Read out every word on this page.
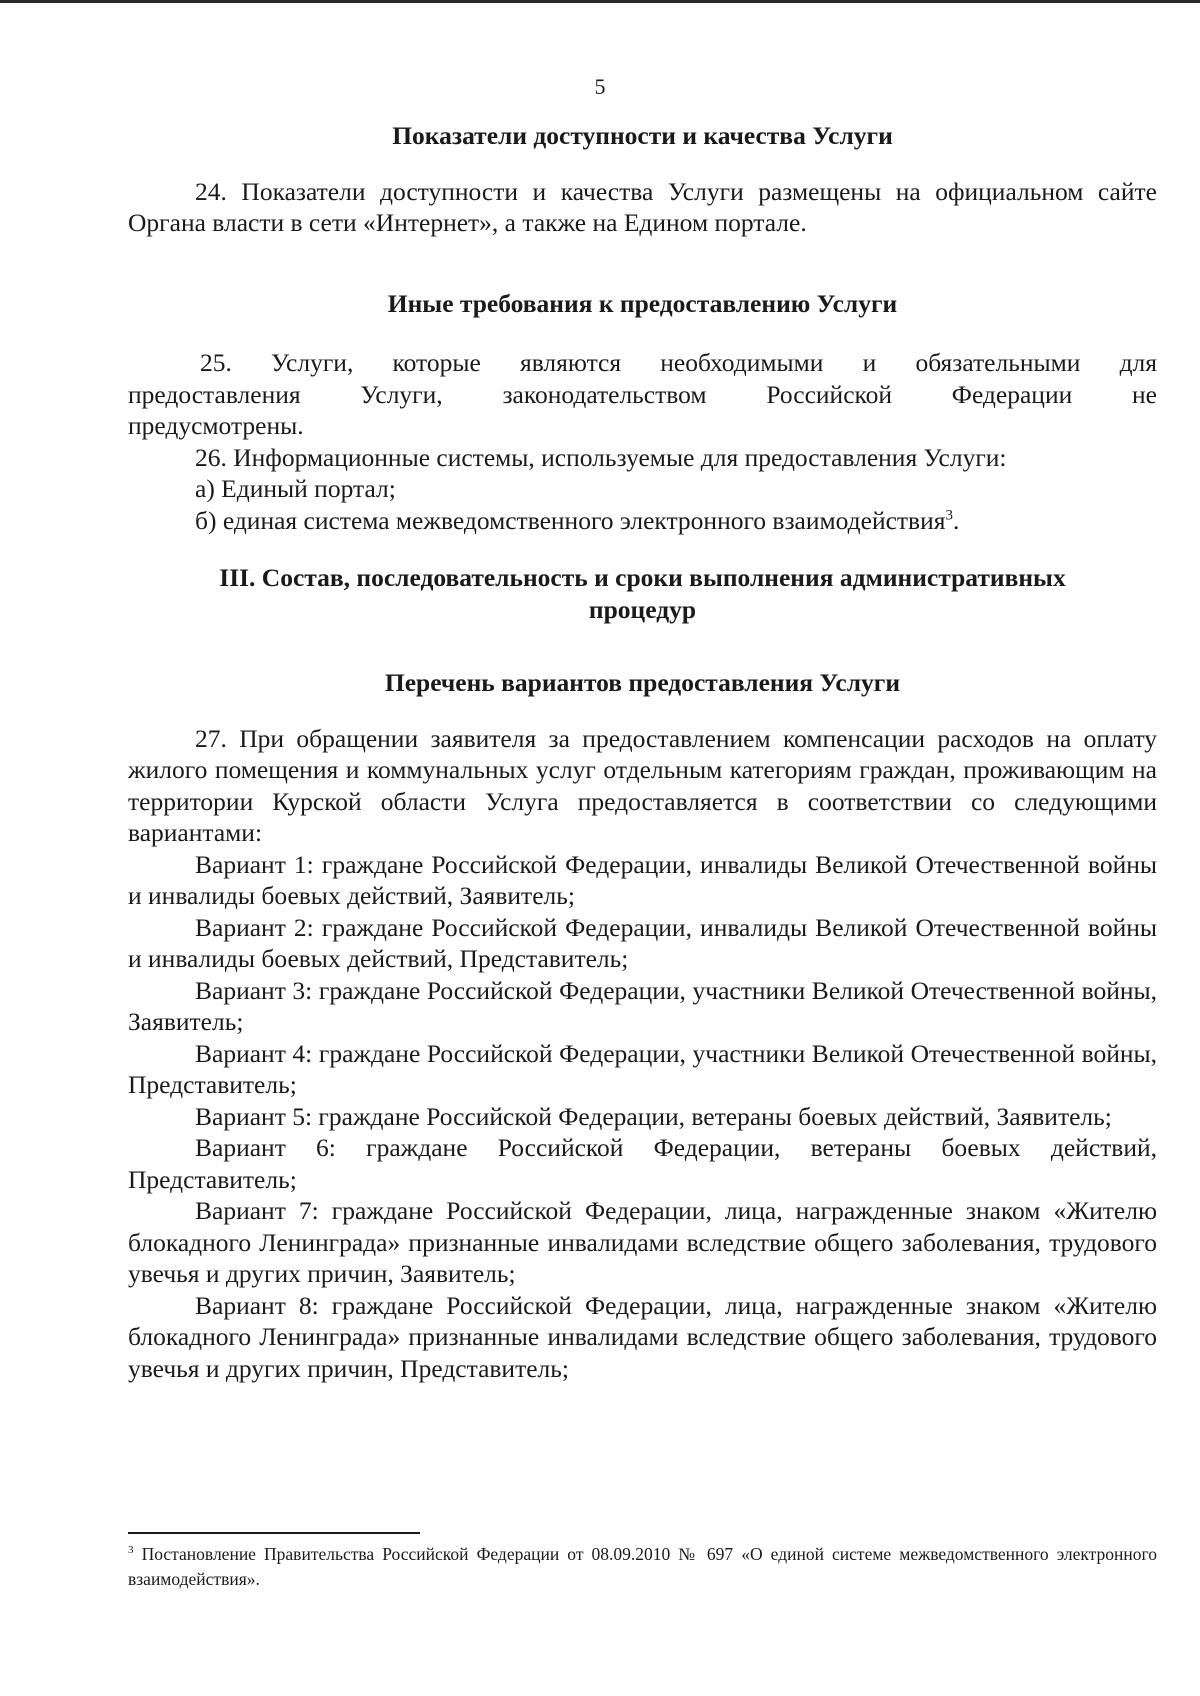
5

Показатели доступности и качества Услуги

24. Показатели доступности и качества Услуги размещены на официальном сайте Органа власти в сети «Интернет», а также на Едином портале.

Иные требования к предоставлению Услуги

25. Услуги, которые являются необходимыми и обязательными для

предоставления Услуги, законодательством Российской Федерации не

предусмотрены.

26. Информационные системы, используемые для предоставления Услуги:

а) Единый портал;

б) единая система межведомственного электронного взаимодействия$^3$.

III. Состав, последовательность и сроки выполнения административных

процедур

Перечень вариантов предоставления Услуги

27. При обращении заявителя за предоставлением компенсации расходов на оплату жилого помещения и коммунальных услуг отдельным категориям граждан, проживающим на территории Курской области Услуга предоставляется в соответствии со следующими вариантами:

Вариант 1: граждане Российской Федерации, инвалиды Великой Отечественной войны и инвалиды боевых действий, Заявитель;

Вариант 2: граждане Российской Федерации, инвалиды Великой Отечественной войны и инвалиды боевых действий, Представитель;

Вариант 3: граждане Российской Федерации, участники Великой Отечественной войны, Заявитель;

Вариант 4: граждане Российской Федерации, участники Великой Отечественной войны, Представитель;

Вариант 5: граждане Российской Федерации, ветераны боевых действий, Заявитель;

Вариант 6: граждане Российской Федерации, ветераны боевых действий, Представитель;

Вариант 7: граждане Российской Федерации, лица, награжденные знаком «Жителю блокадного Ленинграда» признанные инвалидами вследствие общего заболевания, трудового увечья и других причин, Заявитель;

Вариант 8: граждане Российской Федерации, лица, награжденные знаком «Жителю блокадного Ленинграда» признанные инвалидами вследствие общего заболевания, трудового увечья и других причин, Представитель;

$^3$ Постановление Правительства Российской Федерации от 08.09.2010 № 697 «О единой системе межведомственного электронного взаимодействия».
